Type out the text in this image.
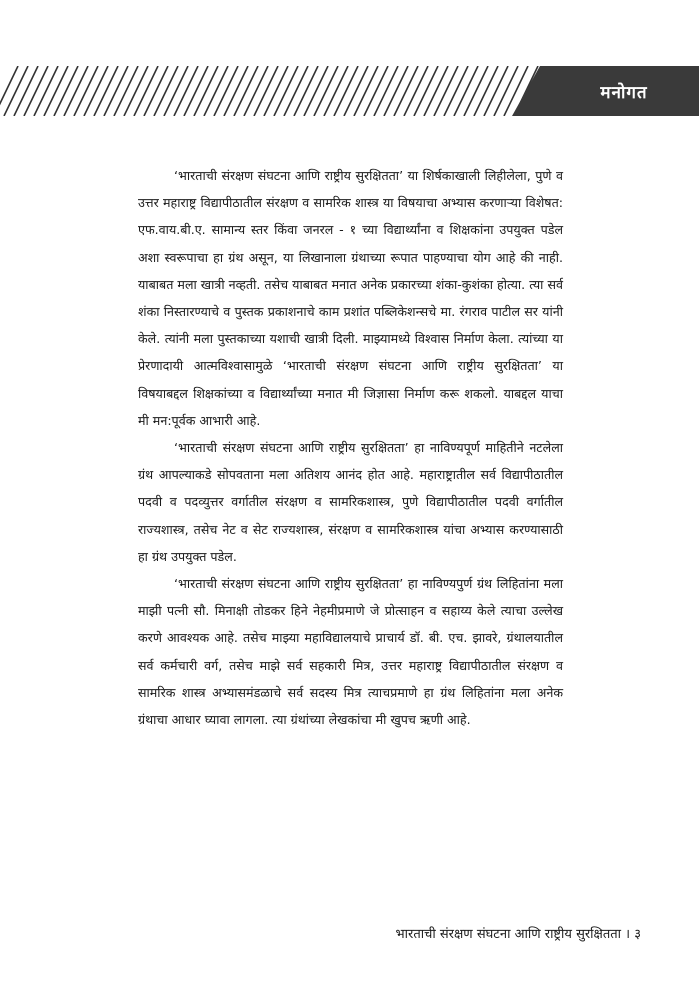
मनोगत

‘भारताची संरक्षण संघटना आणि राष्ट्रीय सुरक्षितता’ या शिर्षकाखाली लिहीलेला, पुणे व उत्तर महाराष्ट्र विद्यापीठातील संरक्षण व सामरिक शास्त्र या विषयाचा अभ्यास करणाऱ्या विशेषत: एफ.वाय.बी.ए. सामान्य स्तर किंवा जनरल - १ च्या विद्यार्थ्यांना व शिक्षकांना उपयुक्त पडेल अशा स्वरूपाचा हा ग्रंथ असून, या लिखानाला ग्रंथाच्या रूपात पाहण्याचा योग आहे की नाही. याबाबत मला खात्री नव्हती. तसेच याबाबत मनात अनेक प्रकारच्या शंका-कुशंका होत्या. त्या सर्व शंका निस्तारण्याचे व पुस्तक प्रकाशनाचे काम प्रशांत पब्लिकेशन्सचे मा. रंगराव पाटील सर यांनी केले. त्यांनी मला पुस्तकाच्या यशाची खात्री दिली. माझ्यामध्ये विश्वास निर्माण केला. त्यांच्या या प्रेरणादायी आत्मविश्वासामुळे ‘भारताची संरक्षण संघटना आणि राष्ट्रीय सुरक्षितता’ या विषयाबद्दल शिक्षकांच्या व विद्यार्थ्यांच्या मनात मी जिज्ञासा निर्माण करू शकलो. याबद्दल याचा मी मन:पूर्वक आभारी आहे.

‘भारताची संरक्षण संघटना आणि राष्ट्रीय सुरक्षितता’ हा नाविण्यपूर्ण माहितीने नटलेला ग्रंथ आपल्याकडे सोपवताना मला अतिशय आनंद होत आहे. महाराष्ट्रातील सर्व विद्यापीठातील पदवी व पदव्युत्तर वर्गातील संरक्षण व सामरिकशास्त्र, पुणे विद्यापीठातील पदवी वर्गातील राज्यशास्त्र, तसेच नेट व सेट राज्यशास्त्र, संरक्षण व सामरिकशास्त्र यांचा अभ्यास करण्यासाठी हा ग्रंथ उपयुक्त पडेल.

‘भारताची संरक्षण संघटना आणि राष्ट्रीय सुरक्षितता’ हा नाविण्यपुर्ण ग्रंथ लिहितांना मला माझी पत्नी सौ. मिनाक्षी तोडकर हिने नेहमीप्रमाणे जे प्रोत्साहन व सहाय्य केले त्याचा उल्लेख करणे आवश्यक आहे. तसेच माझ्या महाविद्यालयाचे प्राचार्य डॉ. बी. एच. झावरे, ग्रंथालयातील सर्व कर्मचारी वर्ग, तसेच माझे सर्व सहकारी मित्र, उत्तर महाराष्ट्र विद्यापीठातील संरक्षण व सामरिक शास्त्र अभ्यासमंडळाचे सर्व सदस्य मित्र त्याचप्रमाणे हा ग्रंथ लिहितांना मला अनेक ग्रंथाचा आधार घ्यावा लागला. त्या ग्रंथांच्या लेखकांचा मी खुपच ऋणी आहे.

भारताची संरक्षण संघटना आणि राष्ट्रीय सुरक्षितता । ३
